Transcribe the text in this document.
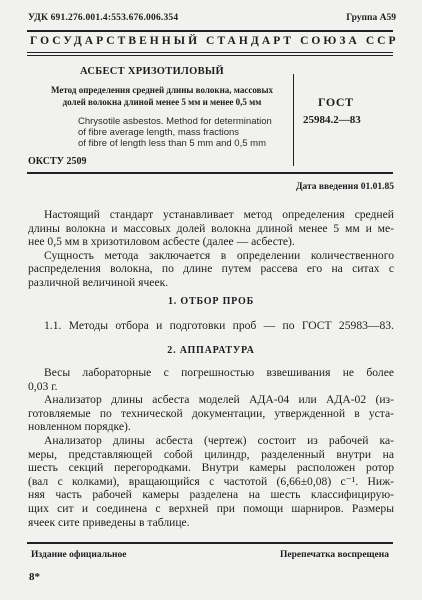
УДК 691.276.001.4:553.676.006.354	Группа А59
ГОСУДАРСТВЕННЫЙ СТАНДАРТ СОЮЗА ССР
АСБЕСТ ХРИЗОТИЛОВЫЙ
Метод определения средней длины волокна, массовых
долей волокна длиной менее 5 мм и менее 0,5 мм
Chrysotile asbestos. Method for determination
of fibre average length, mass fractions
of fibre of length less than 5 mm and 0,5 mm
ГОСТ
25984.2—83
ОКСТУ 2509
Дата введения 01.01.85
Настоящий стандарт устанавливает метод определения средней
длины волокна и массовых долей волокна длиной менее 5 мм и ме-
нее 0,5 мм в хризотиловом асбесте (далее — асбесте).
Сущность метода заключается в определении количественного
распределения волокна, по длине путем рассева его на ситах с
различной величиной ячеек.
1. ОТБОР ПРОБ
1.1. Методы отбора и подготовки проб — по ГОСТ 25983—83.
2. АППАРАТУРА
Весы лабораторные с погрешностью взвешивания не более
0,03 г.
Анализатор длины асбеста моделей АДА-04 или АДА-02 (из-
готовляемые по технической документации, утвержденной в уста-
новленном порядке).
Анализатор длины асбеста (чертеж) состоит из рабочей ка-
меры, представляющей собой цилиндр, разделенный внутри на
шесть секций перегородками. Внутри камеры расположен ротор
(вал с колками), вращающийся с частотой (6,66±0,08) с⁻¹. Ниж-
няя часть рабочей камеры разделена на шесть классифицирую-
щих сит и соединена с верхней при помощи шарниров. Размеры
ячеек сите приведены в таблице.
Издание официальное	Перепечатка воспрещена
8*
